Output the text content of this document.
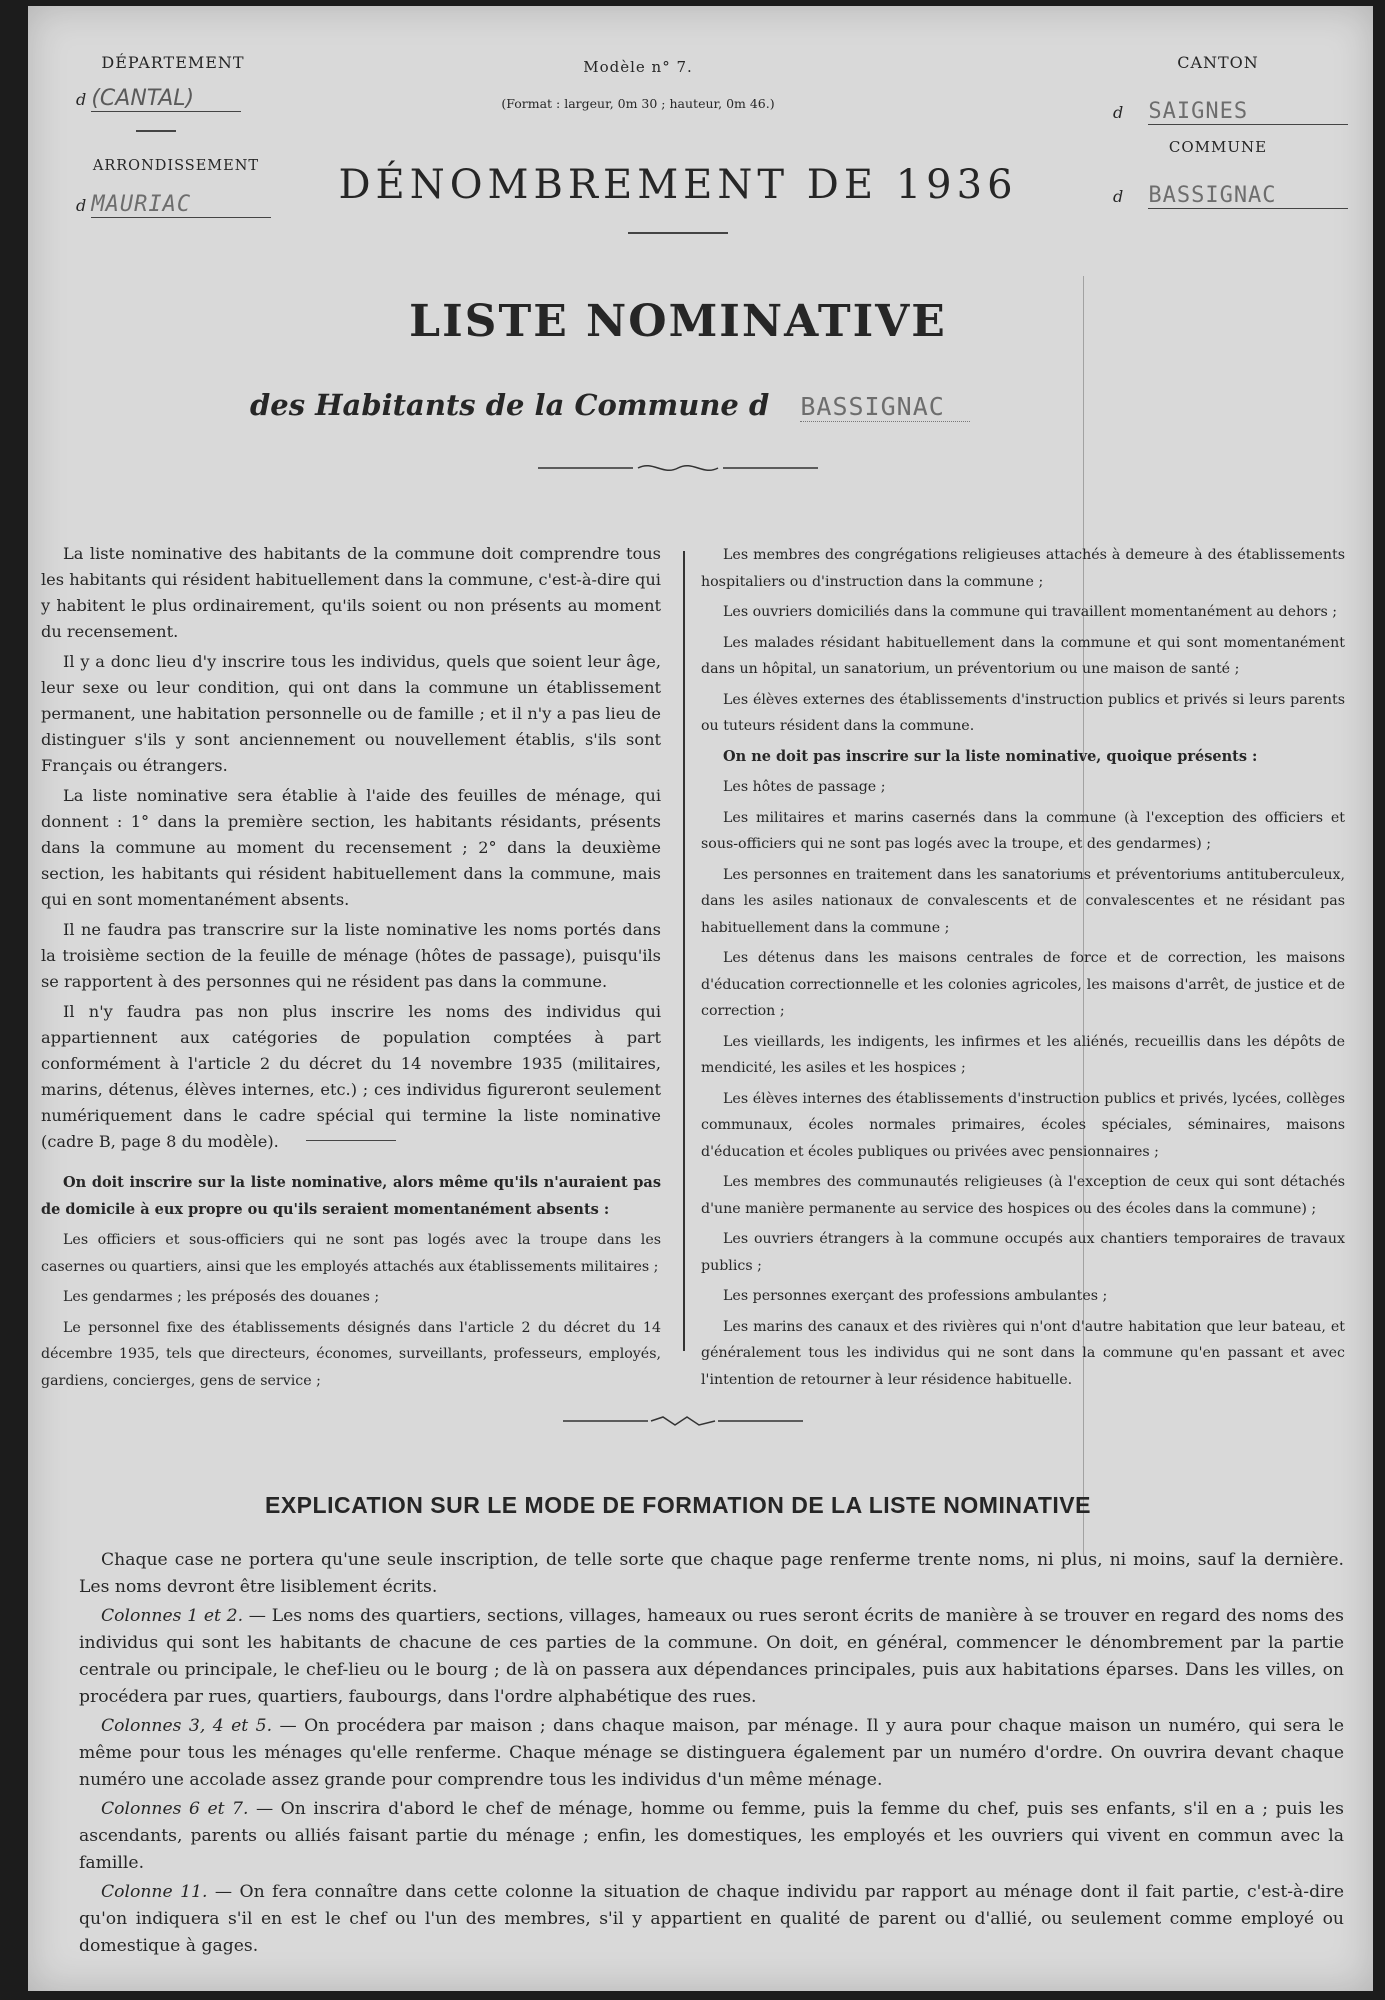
DÉPARTEMENT
d (CANTAL)
ARRONDISSEMENT
d MAURIAC
Modèle n° 7.
(Format : largeur, 0m 30 ; hauteur, 0m 46.)
DÉNOMBREMENT DE 1936
CANTON
d SAIGNES
COMMUNE
d BASSIGNAC
LISTE NOMINATIVE
des Habitants de la Commune d BASSIGNAC

La liste nominative des habitants de la commune doit comprendre tous les habitants qui résident habituellement dans la commune, c'est-à-dire qui y habitent le plus ordinairement, qu'ils soient ou non présents au moment du recensement.

Il y a donc lieu d'y inscrire tous les individus, quels que soient leur âge, leur sexe ou leur condition, qui ont dans la commune un établissement permanent, une habitation personnelle ou de famille ; et il n'y a pas lieu de distinguer s'ils y sont anciennement ou nouvellement établis, s'ils sont Français ou étrangers.

La liste nominative sera établie à l'aide des feuilles de ménage, qui donnent : 1° dans la première section, les habitants résidants, présents dans la commune au moment du recensement ; 2° dans la deuxième section, les habitants qui résident habituellement dans la commune, mais qui en sont momentanément absents.

Il ne faudra pas transcrire sur la liste nominative les noms portés dans la troisième section de la feuille de ménage (hôtes de passage), puisqu'ils se rapportent à des personnes qui ne résident pas dans la commune.

Il n'y faudra pas non plus inscrire les noms des individus qui appartiennent aux catégories de population comptées à part conformément à l'article 2 du décret du 14 novembre 1935 (militaires, marins, détenus, élèves internes, etc.) ; ces individus figureront seulement numériquement dans le cadre spécial qui termine la liste nominative (cadre B, page 8 du modèle).

On doit inscrire sur la liste nominative, alors même qu'ils n'auraient pas de domicile à eux propre ou qu'ils seraient momentanément absents :

Les officiers et sous-officiers qui ne sont pas logés avec la troupe dans les casernes ou quartiers, ainsi que les employés attachés aux établissements militaires ;

Les gendarmes ; les préposés des douanes ;

Le personnel fixe des établissements désignés dans l'article 2 du décret du 14 décembre 1935, tels que directeurs, économes, surveillants, professeurs, employés, gardiens, concierges, gens de service ;

Les membres des congrégations religieuses attachés à demeure à des établissements hospitaliers ou d'instruction dans la commune ;

Les ouvriers domiciliés dans la commune qui travaillent momentanément au dehors ;

Les malades résidant habituellement dans la commune et qui sont momentanément dans un hôpital, un sanatorium, un préventorium ou une maison de santé ;

Les élèves externes des établissements d'instruction publics et privés si leurs parents ou tuteurs résident dans la commune.

On ne doit pas inscrire sur la liste nominative, quoique présents :

Les hôtes de passage ;

Les militaires et marins casernés dans la commune (à l'exception des officiers et sous-officiers qui ne sont pas logés avec la troupe, et des gendarmes) ;

Les personnes en traitement dans les sanatoriums et préventoriums antituberculeux, dans les asiles nationaux de convalescents et de convalescentes et ne résidant pas habituellement dans la commune ;

Les détenus dans les maisons centrales de force et de correction, les maisons d'éducation correctionnelle et les colonies agricoles, les maisons d'arrêt, de justice et de correction ;

Les vieillards, les indigents, les infirmes et les aliénés, recueillis dans les dépôts de mendicité, les asiles et les hospices ;

Les élèves internes des établissements d'instruction publics et privés, lycées, collèges communaux, écoles normales primaires, écoles spéciales, séminaires, maisons d'éducation et écoles publiques ou privées avec pensionnaires ;

Les membres des communautés religieuses (à l'exception de ceux qui sont détachés d'une manière permanente au service des hospices ou des écoles dans la commune) ;

Les ouvriers étrangers à la commune occupés aux chantiers temporaires de travaux publics ;

Les personnes exerçant des professions ambulantes ;

Les marins des canaux et des rivières qui n'ont d'autre habitation que leur bateau, et généralement tous les individus qui ne sont dans la commune qu'en passant et avec l'intention de retourner à leur résidence habituelle.

EXPLICATION SUR LE MODE DE FORMATION DE LA LISTE NOMINATIVE

Chaque case ne portera qu'une seule inscription, de telle sorte que chaque page renferme trente noms, ni plus, ni moins, sauf la dernière. Les noms devront être lisiblement écrits.

Colonnes 1 et 2. — Les noms des quartiers, sections, villages, hameaux ou rues seront écrits de manière à se trouver en regard des noms des individus qui sont les habitants de chacune de ces parties de la commune. On doit, en général, commencer le dénombrement par la partie centrale ou principale, le chef-lieu ou le bourg ; de là on passera aux dépendances principales, puis aux habitations éparses. Dans les villes, on procédera par rues, quartiers, faubourgs, dans l'ordre alphabétique des rues.

Colonnes 3, 4 et 5. — On procédera par maison ; dans chaque maison, par ménage. Il y aura pour chaque maison un numéro, qui sera le même pour tous les ménages qu'elle renferme. Chaque ménage se distinguera également par un numéro d'ordre. On ouvrira devant chaque numéro une accolade assez grande pour comprendre tous les individus d'un même ménage.

Colonnes 6 et 7. — On inscrira d'abord le chef de ménage, homme ou femme, puis la femme du chef, puis ses enfants, s'il en a ; puis les ascendants, parents ou alliés faisant partie du ménage ; enfin, les domestiques, les employés et les ouvriers qui vivent en commun avec la famille.

Colonne 11. — On fera connaître dans cette colonne la situation de chaque individu par rapport au ménage dont il fait partie, c'est-à-dire qu'on indiquera s'il en est le chef ou l'un des membres, s'il y appartient en qualité de parent ou d'allié, ou seulement comme employé ou domestique à gages.
